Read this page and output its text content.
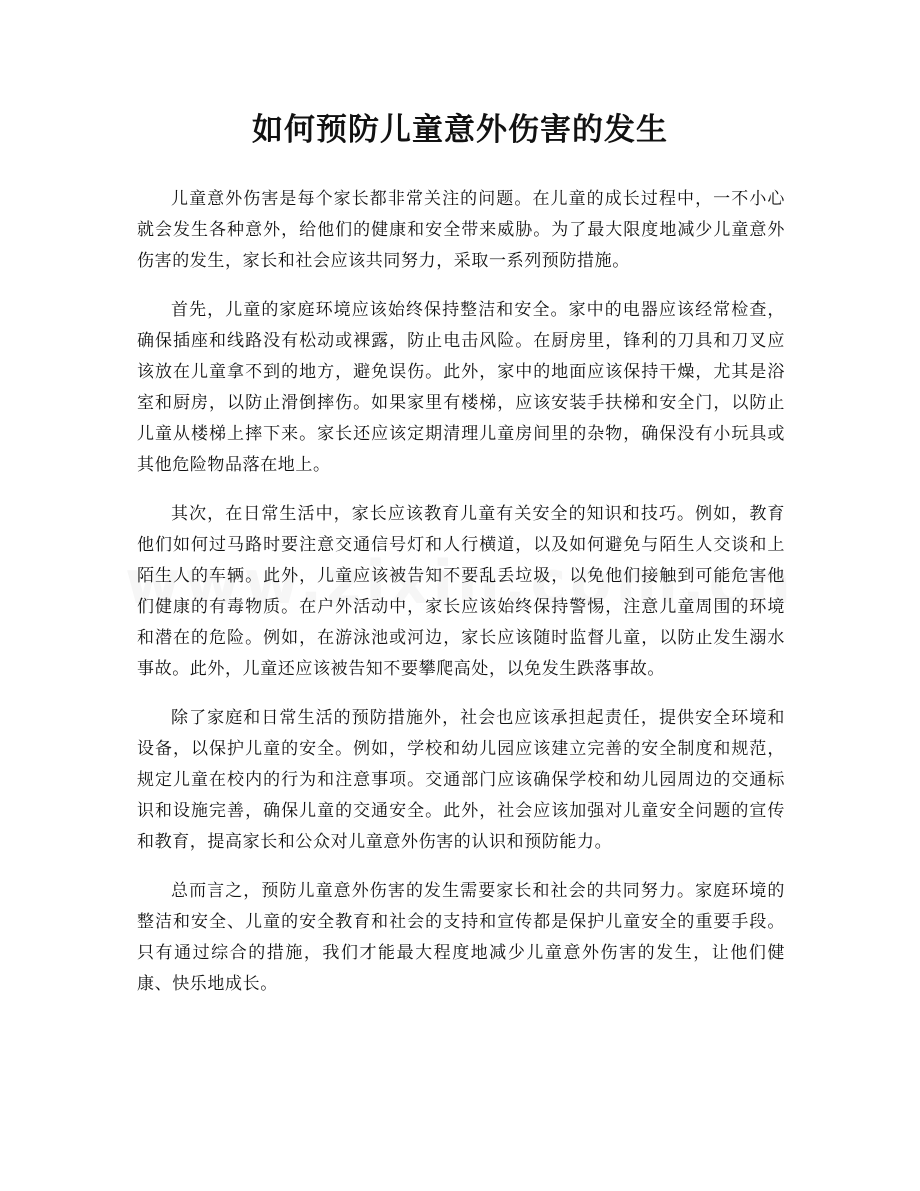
如何预防儿童意外伤害的发生

儿童意外伤害是每个家长都非常关注的问题。在儿童的成长过程中，一不小心就会发生各种意外，给他们的健康和安全带来威胁。为了最大限度地减少儿童意外伤害的发生，家长和社会应该共同努力，采取一系列预防措施。

首先，儿童的家庭环境应该始终保持整洁和安全。家中的电器应该经常检查，确保插座和线路没有松动或裸露，防止电击风险。在厨房里，锋利的刀具和刀叉应该放在儿童拿不到的地方，避免误伤。此外，家中的地面应该保持干燥，尤其是浴室和厨房，以防止滑倒摔伤。如果家里有楼梯，应该安装手扶梯和安全门，以防止儿童从楼梯上摔下来。家长还应该定期清理儿童房间里的杂物，确保没有小玩具或其他危险物品落在地上。

其次，在日常生活中，家长应该教育儿童有关安全的知识和技巧。例如，教育他们如何过马路时要注意交通信号灯和人行横道，以及如何避免与陌生人交谈和上陌生人的车辆。此外，儿童应该被告知不要乱丢垃圾，以免他们接触到可能危害他们健康的有毒物质。在户外活动中，家长应该始终保持警惕，注意儿童周围的环境和潜在的危险。例如，在游泳池或河边，家长应该随时监督儿童，以防止发生溺水事故。此外，儿童还应该被告知不要攀爬高处，以免发生跌落事故。

除了家庭和日常生活的预防措施外，社会也应该承担起责任，提供安全环境和设备，以保护儿童的安全。例如，学校和幼儿园应该建立完善的安全制度和规范，规定儿童在校内的行为和注意事项。交通部门应该确保学校和幼儿园周边的交通标识和设施完善，确保儿童的交通安全。此外，社会应该加强对儿童安全问题的宣传和教育，提高家长和公众对儿童意外伤害的认识和预防能力。

总而言之，预防儿童意外伤害的发生需要家长和社会的共同努力。家庭环境的整洁和安全、儿童的安全教育和社会的支持和宣传都是保护儿童安全的重要手段。只有通过综合的措施，我们才能最大程度地减少儿童意外伤害的发生，让他们健康、快乐地成长。
